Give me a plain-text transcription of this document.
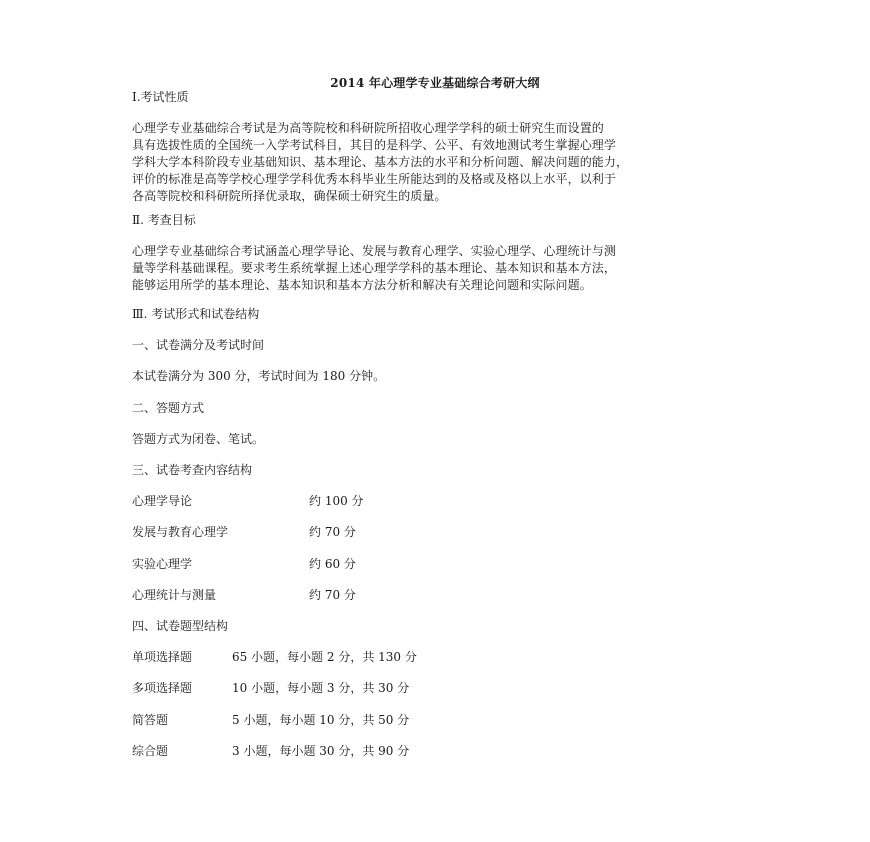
2014 年心理学专业基础综合考研大纲
Ⅰ.考试性质
心理学专业基础综合考试是为高等院校和科研院所招收心理学学科的硕士研究生而设置的
具有选拔性质的全国统一入学考试科目，其目的是科学、公平、有效地测试考生掌握心理学
学科大学本科阶段专业基础知识、基本理论、基本方法的水平和分析问题、解决问题的能力，
评价的标准是高等学校心理学学科优秀本科毕业生所能达到的及格或及格以上水平，以利于
各高等院校和科研院所择优录取，确保硕士研究生的质量。
Ⅱ. 考查目标
心理学专业基础综合考试涵盖心理学导论、发展与教育心理学、实验心理学、心理统计与测
量等学科基础课程。要求考生系统掌握上述心理学学科的基本理论、基本知识和基本方法，
能够运用所学的基本理论、基本知识和基本方法分析和解决有关理论问题和实际问题。
Ⅲ. 考试形式和试卷结构
一、试卷满分及考试时间
本试卷满分为 300 分，考试时间为 180 分钟。
二、答题方式
答题方式为闭卷、笔试。
三、试卷考查内容结构
心理学导论	约 100 分
发展与教育心理学	约 70 分
实验心理学	约 60 分
心理统计与测量	约 70 分
四、试卷题型结构
单项选择题	65 小题，每小题 2 分，共 130 分
多项选择题	10 小题，每小题 3 分，共 30 分
简答题	5 小题，每小题 10 分，共 50 分
综合题	3 小题，每小题 30 分，共 90 分
